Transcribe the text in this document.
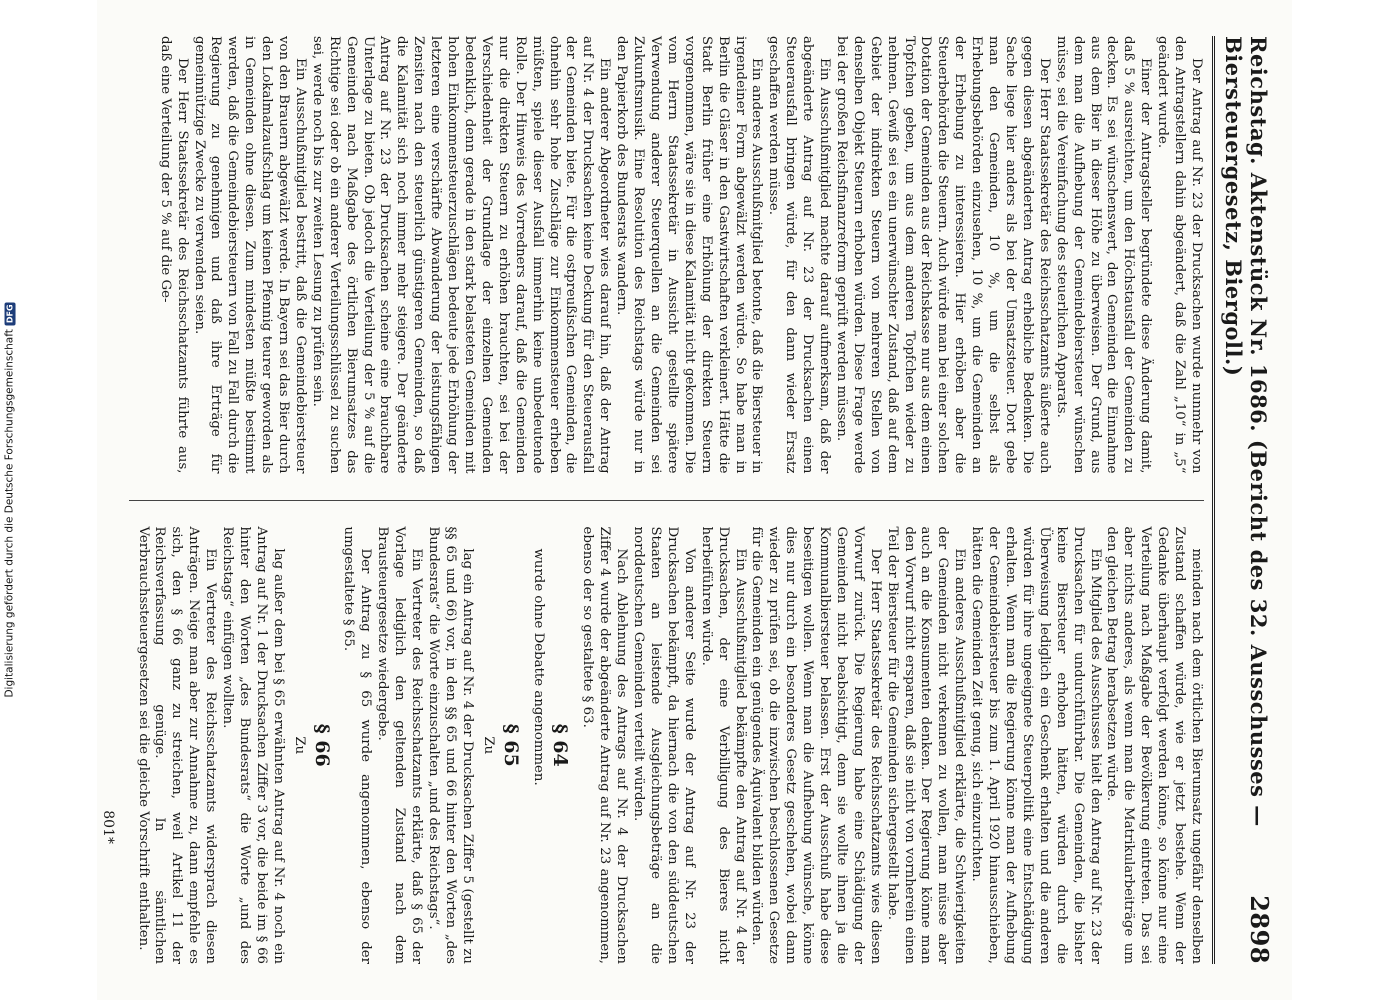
Digitalisierung gefördert durch die Deutsche Forschungsgemeinschaft
DFG	Reichstag. Aktenstück Nr. 1686. (Bericht des 32. Ausschusses — Biersteuergesetz, Biergoll.)
2898

Der Antrag auf Nr. 23 der Drucksachen wurde nunmehr von den Antragstellern dahin abgeändert, daß die Zahl „10“ in „5“ geändert wurde.

Einer der Antragsteller begründete diese Änderung damit, daß 5 % ausreichten, um den Höchstausfall der Gemeinden zu decken. Es sei wünschenswert, den Gemeinden die Einnahme aus dem Bier in dieser Höhe zu überweisen. Der Grund, aus dem man die Aufhebung der Gemeindebiersteuer wünschen müsse, sei die Vereinfachung des steuerlichen Apparats.

Der Herr Staatssekretär des Reichsschatzamts äußerte auch gegen diesen abgeänderten Antrag erhebliche Bedenken. Die Sache liege hier anders als bei der Umsatzsteuer. Dort gebe man den Gemeinden, 10 %, um die selbst als Erhebungsbehörden einzusehen, 10 %, um die Gemeinden an der Erhebung zu interessieren. Hier erhöben aber die Steuerbehörden die Steuern. Auch würde man bei einer solchen Dotation der Gemeinden aus der Reichskasse nur aus dem einen Topfchen geben, um aus dem anderen Topfchen wieder zu nehmen. Gewiß sei es ein unerwünschter Zustand, daß auf dem Gebiet der indirekten Steuern von mehreren Stellen von denselben Objekt Steuern erhoben würden. Diese Frage werde bei der großen Reichsfinanzreform geprüft werden müssen.

Ein Ausschußmitglied machte darauf aufmerksam, daß der abgeänderte Antrag auf Nr. 23 der Drucksachen einen Steuerausfall bringen würde, für den dann wieder Ersatz geschaffen werden müsse.

Ein anderes Ausschußmitglied betonte, daß die Biersteuer in irgendeiner Form abgewälzt werden würde. So habe man in Berlin die Gläser in den Gastwirtschaften verkleinert. Hätte die Stadt Berlin früher eine Erhöhung der direkten Steuern vorgenommen, wäre sie in diese Kalamität nicht gekommen. Die vom Herrn Staatssekretär in Aussicht gestellte spätere Verwendung anderer Steuerquellen an die Gemeinden sei Zukunftsmusik. Eine Resolution des Reichstags würde nur in den Papierkorb des Bundesrats wandern.

Ein anderer Abgeordneter wies darauf hin, daß der Antrag auf Nr. 4 der Drucksachen keine Deckung für den Steuerausfall der Gemeinden biete. Für die ostpreußischen Gemeinden, die ohnehin sehr hohe Zuschläge zur Einkommensteuer erheben müßten, spiele dieser Ausfall immerhin keine unbedeutende Rolle. Der Hinweis des Vorredners darauf, daß die Gemeinden nur die direkten Steuern zu erhöhen brauchten, sei bei der Verschiedenheit der Grundlage der einzelnen Gemeinden bedenklich, denn gerade in den stark belasteten Gemeinden mit hohen Einkommensteuerzuschlägen bedeute jede Erhöhung der letzteren eine verschärfte Abwanderung der leistungsfähigen Zensiten nach den steuerlich günstigeren Gemeinden, so daß die Kalamität sich noch immer mehr steigere. Der geänderte Antrag auf Nr. 23 der Drucksachen scheine eine brauchbare Unterlage zu bieten. Ob jedoch die Verteilung der 5 % auf die Gemeinden nach Maßgabe des örtlichen Bierumsatzes das Richtige sei oder ob ein anderer Verteilungsschlüssel zu suchen sei, werde noch bis zur zweiten Lesung zu prüfen sein.

Ein Ausschußmitglied bestritt, daß die Gemeindebiersteuer von den Brauern abgewälzt werde. In Bayern sei das Bier durch den Lokalmalzaufschlag um keinen Pfennig teurer geworden als in Gemeinden ohne diesen. Zum mindesten müßte bestimmt werden, daß die Gemeindebiersteuern von Fall zu Fall durch die Regierung zu genehmigen und daß ihre Erträge für gemeinnützige Zwecke zu verwenden seien.

Der Herr Staatssekretär des Reichsschatzamts führte aus, daß eine Verteilung der 5 % auf die Ge-

meinden nach dem örtlichen Bierumsatz ungefähr denselben Zustand schaffen würde, wie er jetzt bestehe. Wenn der Gedanke überhaupt verfolgt werden könne, so könne nur eine Verteilung nach Maßgabe der Bevölkerung eintreten. Das sei aber nichts anderes, als wenn man die Matrikularbeiträge um den gleichen Betrag herabsetzen würde.

Ein Mitglied des Ausschusses hielt den Antrag auf Nr. 23 der Drucksachen für undurchführbar. Die Gemeinden, die bisher keine Biersteuer erhoben hätten, würden durch die Überweisung lediglich ein Geschenk erhalten und die anderen würden für ihre ungeeignete Steuerpolitik eine Entschädigung erhalten. Wenn man die Regierung könne man der Aufhebung der Gemeindebiersteuer bis zum 1. April 1920 hinausschieben, hätten die Gemeinden Zeit genug, sich einzurichten.

Ein anderes Ausschußmitglied erklärte, die Schwierigkeiten der Gemeinden nicht verkennen zu wollen, man müsse aber auch an die Konsumenten denken. Der Regierung könne man den Vorwurf nicht ersparen, daß sie nicht von vornherein einen Teil der Biersteuer für die Gemeinden sichergestellt habe.

Der Herr Staatssekretär des Reichsschatzamts wies diesen Vorwurf zurück. Die Regierung habe eine Schädigung der Gemeinden nicht beabsichtigt, denn sie wollte ihnen ja die Kommunalbiersteuer belassen. Erst der Ausschuß habe diese beseitigen wollen. Wenn man die Aufhebung wünsche, könne dies nur durch ein besonderes Gesetz geschehen, wobei dann wieder zu prüfen sei, ob die inzwischen beschlossenen Gesetze für die Gemeinden ein genügendes Äquivalent bilden würden.

Ein Ausschußmitglied bekämpfte den Antrag auf Nr. 4 der Drucksachen, der eine Verbilligung des Bieres nicht herbeiführen würde.

Von anderer Seite wurde der Antrag auf Nr. 23 der Drucksachen bekämpft, da hiernach die von den süddeutschen Staaten an leistende Ausgleichungsbeträge an die norddeutschen Gemeinden verteilt würden.

Nach Ablehnung des Antrags auf Nr. 4 der Drucksachen Ziffer 4 wurde der abgeänderte Antrag auf Nr. 23 angenommen, ebenso der so gestaltete § 63.

§ 64

wurde ohne Debatte angenommen.

§ 65
Zu

lag ein Antrag auf Nr. 4 der Drucksachen Ziffer 5 (gestellt zu §§ 65 und 66) vor, in den §§ 65 und 66 hinter den Worten „des Bundesrats“ die Worte einzuschalten „und des Reichstags“.

Ein Vertreter des Reichsschatzamts erklärte, daß § 65 der Vorlage lediglich den geltenden Zustand nach dem Brausteuergesetze wiedergebe.

Der Antrag zu § 65 wurde angenommen, ebenso der umgestaltete § 65.

§ 66
Zu

lag außer dem bei § 65 erwähnten Antrag auf Nr. 4 noch ein Antrag auf Nr. 1 der Drucksachen Ziffer 3 vor, die beide im § 66 hinter den Worten „des Bundesrats“ die Worte „und des Reichstags“ einfügen wollten.

Ein Vertreter des Reichsschatzamts widersprach diesen Anträgen. Neige man aber zur Annahme zu, dann empfehle es sich, den § 66 ganz zu streichen, weil Artikel 11 der Reichsverfassung genüge. In sämtlichen Verbrauchssteuergesetzen sei die gleiche Vorschrift enthalten.

801*
